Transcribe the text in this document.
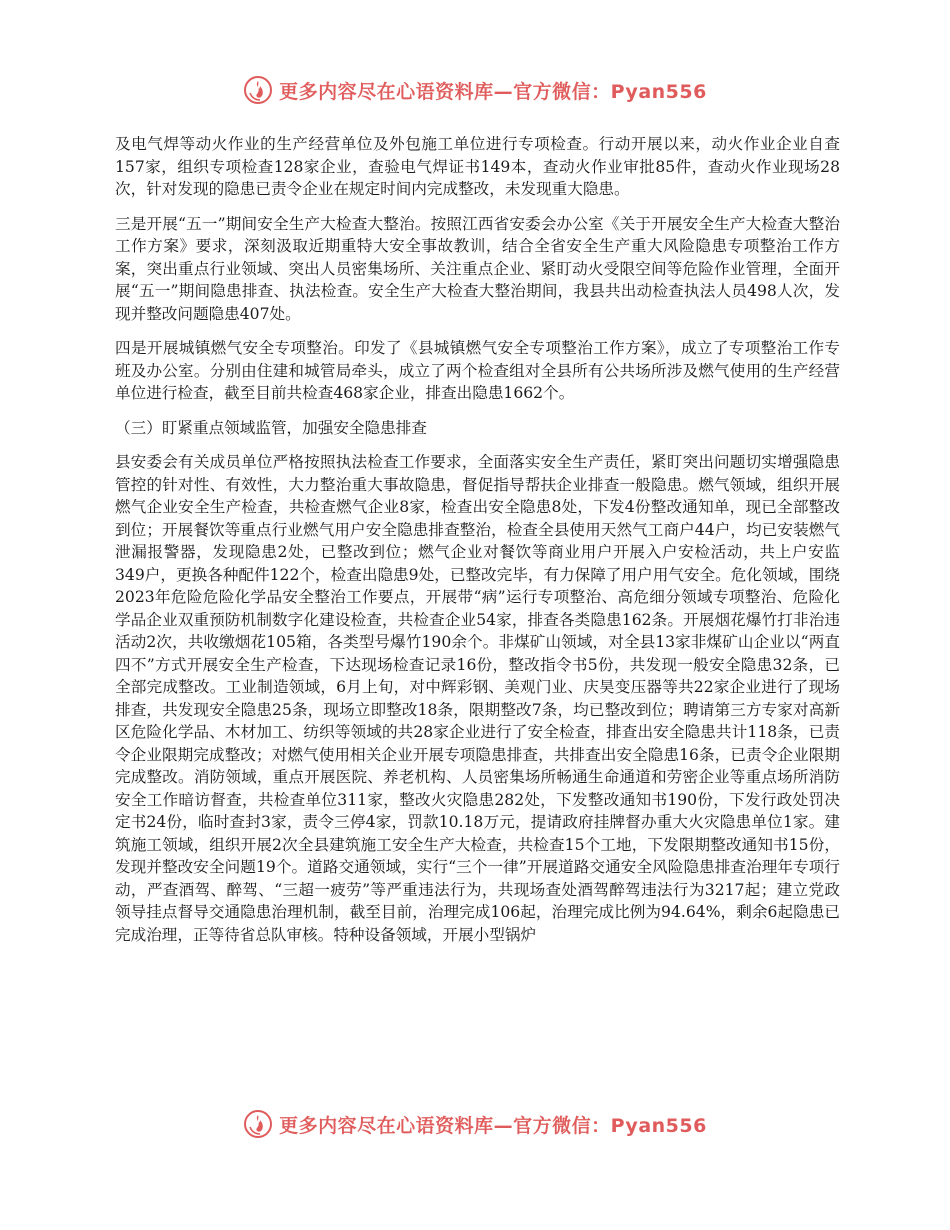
更多内容尽在心语资料库—官方微信：Pyan556

及电气焊等动火作业的生产经营单位及外包施工单位进行专项检查。行动开展以来，动火作业企业自查157家，组织专项检查128家企业，查验电气焊证书149本，查动火作业审批85件，查动火作业现场28次，针对发现的隐患已责令企业在规定时间内完成整改，未发现重大隐患。

三是开展“五一”期间安全生产大检查大整治。按照江西省安委会办公室《关于开展安全生产大检查大整治工作方案》要求，深刻汲取近期重特大安全事故教训，结合全省安全生产重大风险隐患专项整治工作方案，突出重点行业领域、突出人员密集场所、关注重点企业、紧盯动火受限空间等危险作业管理，全面开展“五一”期间隐患排查、执法检查。安全生产大检查大整治期间，我县共出动检查执法人员498人次，发现并整改问题隐患407处。

四是开展城镇燃气安全专项整治。印发了《县城镇燃气安全专项整治工作方案》，成立了专项整治工作专班及办公室。分别由住建和城管局牵头，成立了两个检查组对全县所有公共场所涉及燃气使用的生产经营单位进行检查，截至目前共检查468家企业，排查出隐患1662个。

（三）盯紧重点领域监管，加强安全隐患排查

县安委会有关成员单位严格按照执法检查工作要求，全面落实安全生产责任，紧盯突出问题切实增强隐患管控的针对性、有效性，大力整治重大事故隐患，督促指导帮扶企业排查一般隐患。燃气领域，组织开展燃气企业安全生产检查，共检查燃气企业8家，检查出安全隐患8处，下发4份整改通知单，现已全部整改到位；开展餐饮等重点行业燃气用户安全隐患排查整治，检查全县使用天然气工商户44户，均已安装燃气泄漏报警器，发现隐患2处，已整改到位；燃气企业对餐饮等商业用户开展入户安检活动，共上户安监349户，更换各种配件122个，检查出隐患9处，已整改完毕，有力保障了用户用气安全。危化领域，围绕2023年危险危险化学品安全整治工作要点，开展带“病”运行专项整治、高危细分领域专项整治、危险化学品企业双重预防机制数字化建设检查，共检查企业54家，排查各类隐患162条。开展烟花爆竹打非治违活动2次，共收缴烟花105箱，各类型号爆竹190余个。非煤矿山领域，对全县13家非煤矿山企业以“两直四不”方式开展安全生产检查，下达现场检查记录16份，整改指令书5份，共发现一般安全隐患32条，已全部完成整改。工业制造领域，6月上旬，对中辉彩钢、美观门业、庆昊变压器等共22家企业进行了现场排查，共发现安全隐患25条，现场立即整改18条，限期整改7条，均已整改到位；聘请第三方专家对高新区危险化学品、木材加工、纺织等领域的共28家企业进行了安全检查，排查出安全隐患共计118条，已责令企业限期完成整改；对燃气使用相关企业开展专项隐患排查，共排查出安全隐患16条，已责令企业限期完成整改。消防领域，重点开展医院、养老机构、人员密集场所畅通生命通道和劳密企业等重点场所消防安全工作暗访督查，共检查单位311家，整改火灾隐患282处，下发整改通知书190份，下发行政处罚决定书24份，临时查封3家，责令三停4家，罚款10.18万元，提请政府挂牌督办重大火灾隐患单位1家。建筑施工领域，组织开展2次全县建筑施工安全生产大检查，共检查15个工地，下发限期整改通知书15份，发现并整改安全问题19个。道路交通领域，实行“三个一律”开展道路交通安全风险隐患排查治理年专项行动，严查酒驾、醉驾、“三超一疲劳”等严重违法行为，共现场查处酒驾醉驾违法行为3217起；建立党政领导挂点督导交通隐患治理机制，截至目前，治理完成106起，治理完成比例为94.64%，剩余6起隐患已完成治理，正等待省总队审核。特种设备领域，开展小型锅炉

更多内容尽在心语资料库—官方微信：Pyan556
